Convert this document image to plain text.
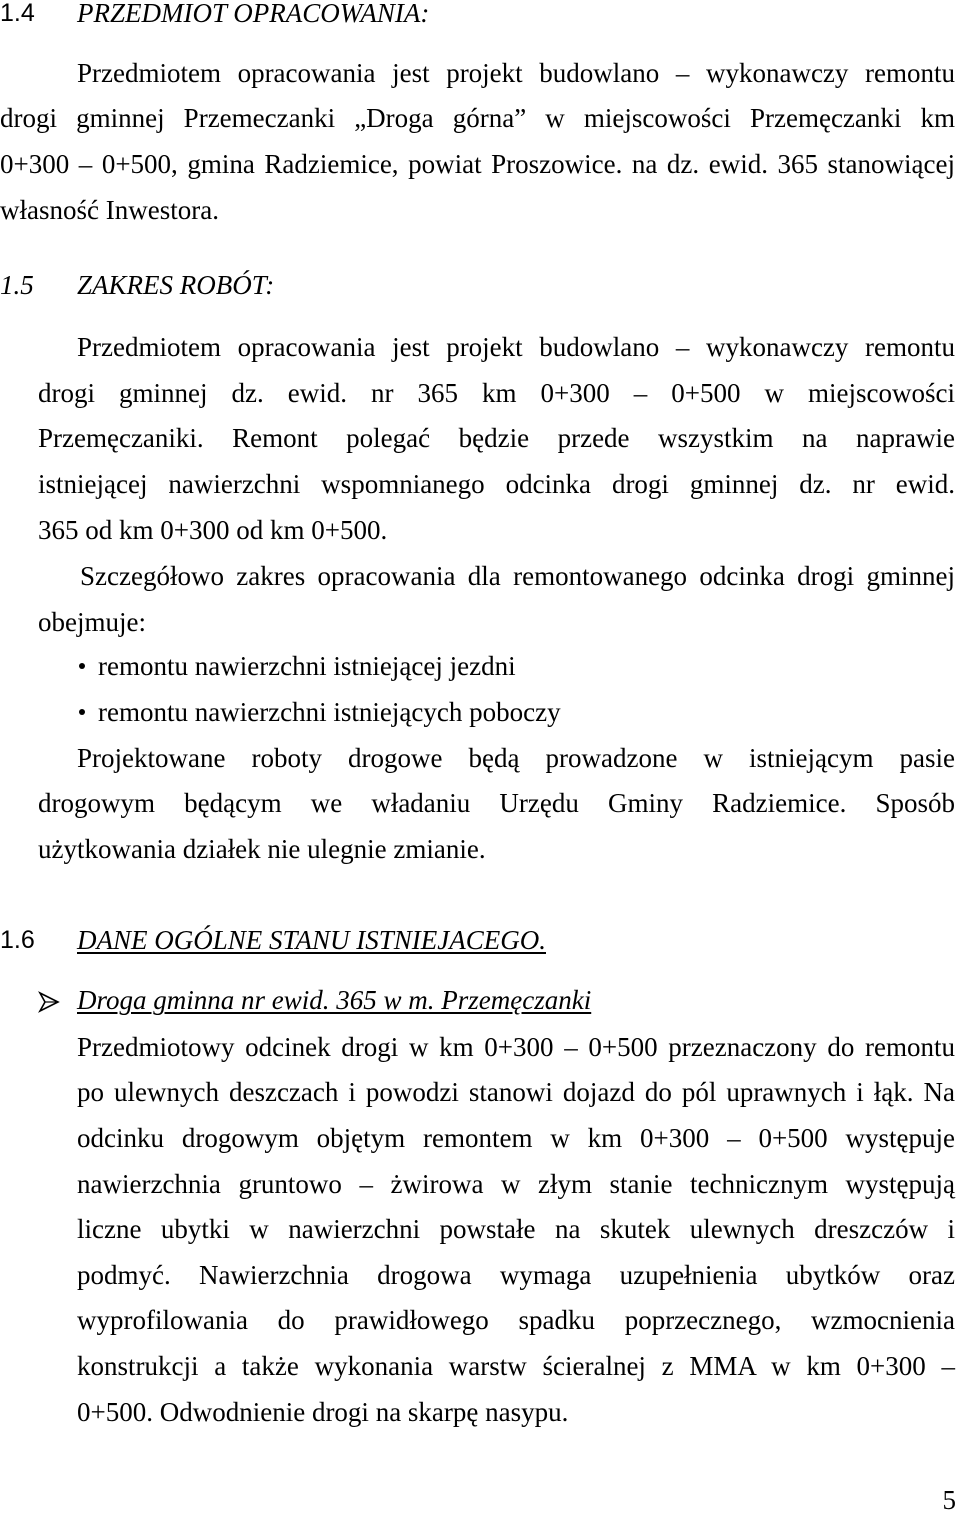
1.4 PRZEDMIOT OPRACOWANIA:
Przedmiotem opracowania jest projekt budowlano – wykonawczy remontu
drogi gminnej Przemeczanki „Droga górna” w miejscowości Przemęczanki km
0+300 – 0+500, gmina Radziemice, powiat Proszowice. na dz. ewid. 365 stanowiącej
własność Inwestora.
1.5 ZAKRES ROBÓT:
Przedmiotem opracowania jest projekt budowlano – wykonawczy remontu
drogi gminnej dz. ewid. nr 365 km 0+300 – 0+500 w miejscowości
Przemęczaniki. Remont polegać będzie przede wszystkim na naprawie
istniejącej nawierzchni wspomnianego odcinka drogi gminnej dz. nr ewid.
365 od km 0+300 od km 0+500.
Szczegółowo zakres opracowania dla remontowanego odcinka drogi gminnej
obejmuje:
remontu nawierzchni istniejącej jezdni
remontu nawierzchni istniejących poboczy
Projektowane roboty drogowe będą prowadzone w istniejącym pasie
drogowym będącym we władaniu Urzędu Gminy Radziemice. Sposób
użytkowania działek nie ulegnie zmianie.
1.6 DANE OGÓLNE STANU ISTNIEJACEGO.
Droga gminna nr ewid. 365 w m. Przemęczanki
Przedmiotowy odcinek drogi w km 0+300 – 0+500 przeznaczony do remontu
po ulewnych deszczach i powodzi stanowi dojazd do pól uprawnych i łąk. Na
odcinku drogowym objętym remontem w km 0+300 – 0+500 występuje
nawierzchnia gruntowo – żwirowa w złym stanie technicznym występują
liczne ubytki w nawierzchni powstałe na skutek ulewnych dreszczów i
podmyć. Nawierzchnia drogowa wymaga uzupełnienia ubytków oraz
wyprofilowania do prawidłowego spadku poprzecznego, wzmocnienia
konstrukcji a także wykonania warstw ścieralnej z MMA w km 0+300 –
0+500. Odwodnienie drogi na skarpę nasypu.
5
